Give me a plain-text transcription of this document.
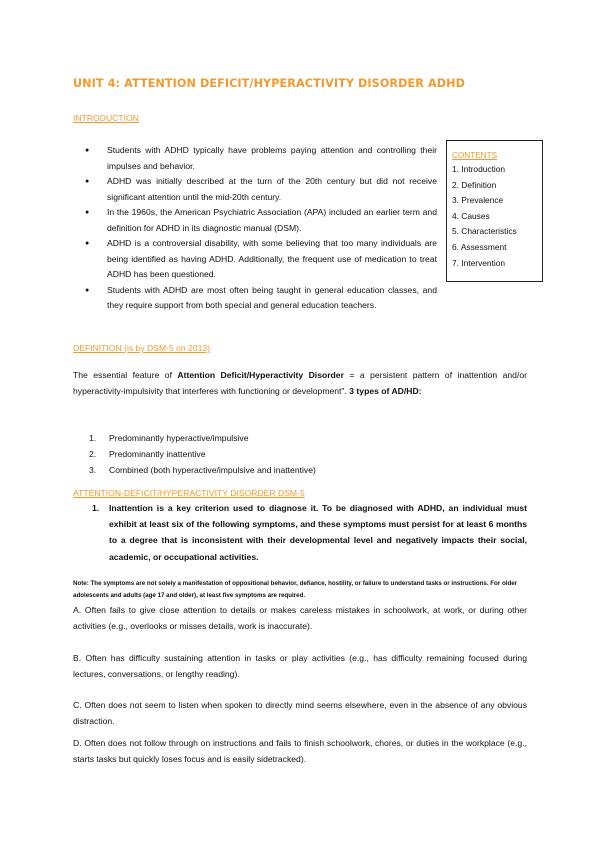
UNIT 4: ATTENTION DEFICIT/HYPERACTIVITY DISORDER ADHD
INTRODUCTION
● Students with ADHD typically have problems paying attention and controlling their impulses and behavior.
● ADHD was initially described at the turn of the 20th century but did not receive significant attention until the mid-20th century.
● In the 1960s, the American Psychiatric Association (APA) included an earlier term and definition for ADHD in its diagnostic manual (DSM).
● ADHD is a controversial disability, with some believing that too many individuals are being identified as having ADHD. Additionally, the frequent use of medication to treat ADHD has been questioned.
● Students with ADHD are most often being taught in general education classes, and they require support from both special and general education teachers.
CONTENTS
1. Introduction
2. Definition
3. Prevalence
4. Causes
5. Characteristics
6. Assessment
7. Intervention
DEFINITION (is by DSM-5 on 2013)

The essential feature of Attention Deficit/Hyperactivity Disorder = a persistent pattern of inattention and/or hyperactivity-impulsivity that interferes with functioning or development". 3 types of AD/HD:

1. Predominantly hyperactive/impulsive
2. Predominantly inattentive
3. Combined (both hyperactive/impulsive and inattentive)
ATTENTION-DEFICIT/HYPERACTIVITY DISORDER DSM-5
1. Inattention is a key criterion used to diagnose it. To be diagnosed with ADHD, an individual must exhibit at least six of the following symptoms, and these symptoms must persist for at least 6 months to a degree that is inconsistent with their developmental level and negatively impacts their social, academic, or occupational activities.

Note: The symptoms are not solely a manifestation of oppositional behavior, defiance, hostility, or failure to understand tasks or instructions. For older adolescents and adults (age 17 and older), at least five symptoms are required.

A. Often fails to give close attention to details or makes careless mistakes in schoolwork, at work, or during other activities (e.g., overlooks or misses details, work is inaccurate).

B. Often has difficulty sustaining attention in tasks or play activities (e.g., has difficulty remaining focused during lectures, conversations, or lengthy reading).

C. Often does not seem to listen when spoken to directly mind seems elsewhere, even in the absence of any obvious distraction.

D. Often does not follow through on instructions and fails to finish schoolwork, chores, or duties in the workplace (e.g., starts tasks but quickly loses focus and is easily sidetracked).
